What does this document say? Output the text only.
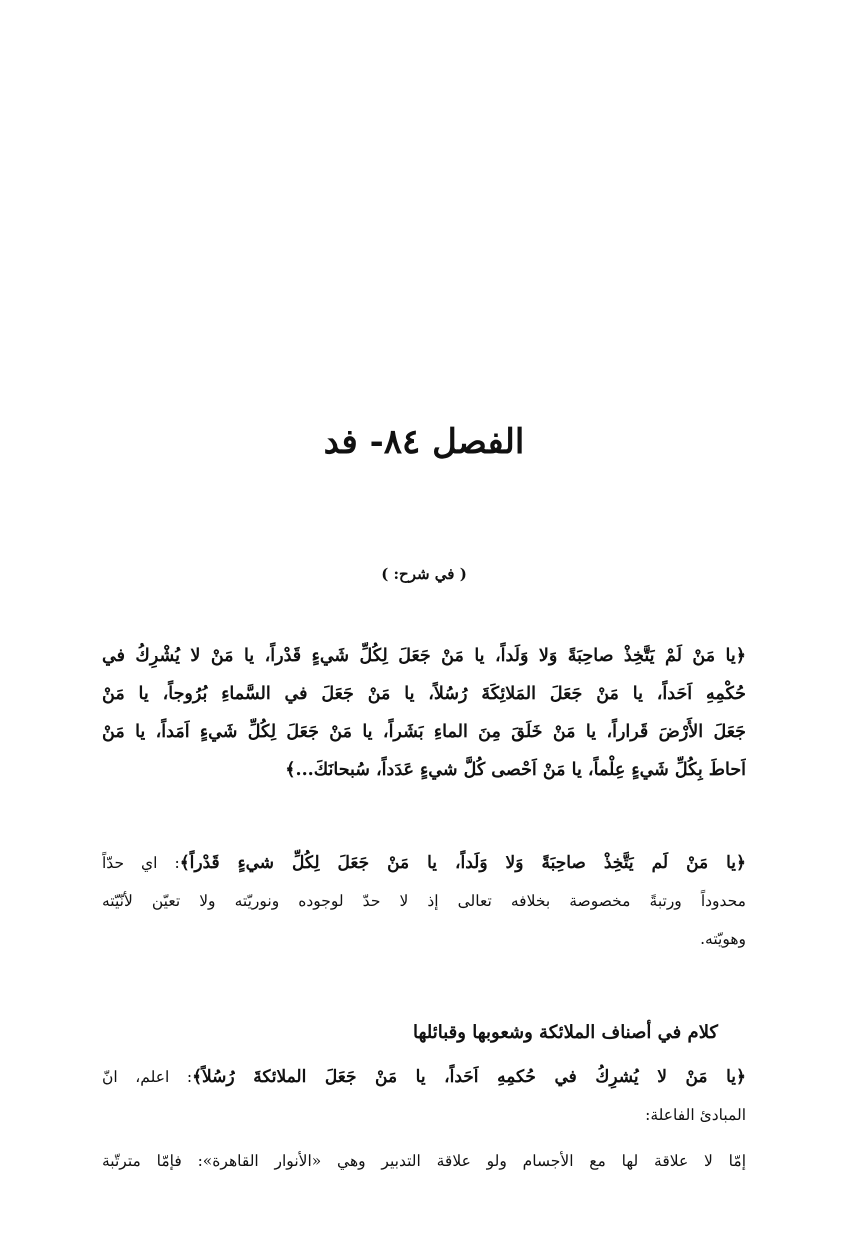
الفصل ٨٤- فد
( في شرح: )
﴿يا مَنْ لَمْ يَتَّخِذْ صاحِبَةً وَلا وَلَداً، يا مَنْ جَعَلَ لِكُلِّ شَيءٍ قَدْراً، يا مَنْ لا يُشْرِكُ في
حُكْمِهِ اَحَداً، يا مَنْ جَعَلَ المَلائِكَةَ رُسُلاً، يا مَنْ جَعَلَ في السَّماءِ بُرُوجاً، يا مَنْ
جَعَلَ الأَرْضَ قَراراً، يا مَنْ خَلَقَ مِنَ الماءِ بَشَراً، يا مَنْ جَعَلَ لِكُلِّ شَيءٍ اَمَداً، يا مَنْ
اَحاطَ بِكُلِّ شَيءٍ عِلْماً، يا مَنْ اَحْصى كُلَّ شيءٍ عَدَداً، سُبحانَكَ...﴾
﴿يا مَنْ لَم يَتَّخِذْ صاحِبَةً وَلا وَلَداً، يا مَنْ جَعَلَ لِكُلِّ شيءٍ قَدْراً﴾: اي حدّاً
محدوداً ورتبةً مخصوصة بخلافه تعالى إذ لا حدّ لوجوده ونوريّته ولا تعيّن لأنّيّته
وهويّته.
كلام في أصناف الملائكة وشعوبها وقبائلها
﴿يا مَنْ لا يُشرِكُ في حُكمِهِ اَحَداً، يا مَنْ جَعَلَ الملائكةَ رُسُلاً﴾: اعلم، انّ
المبادئ الفاعلة:
إمّا لا علاقة لها مع الأجسام ولو علاقة التدبير وهي «الأنوار القاهرة»: فإمّا مترتّبة
